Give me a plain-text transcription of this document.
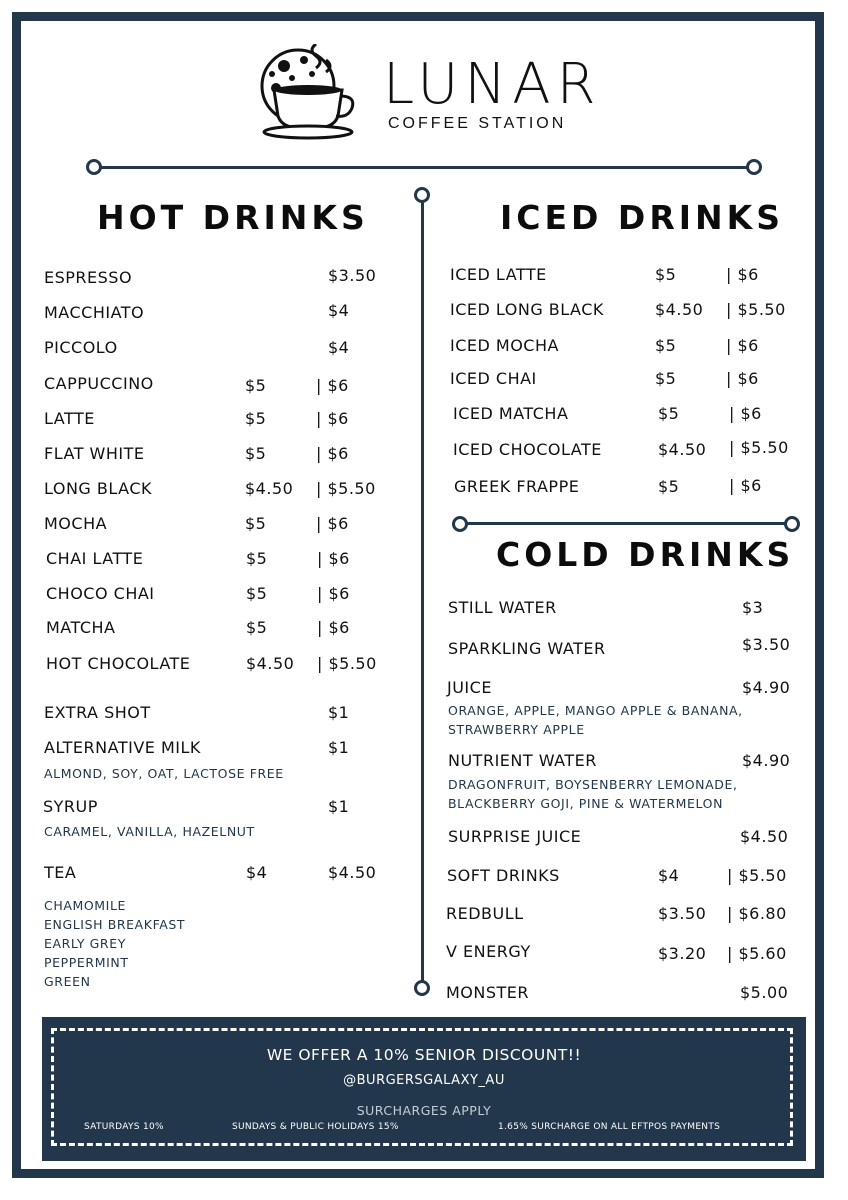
LUNAR
COFFEE STATION
HOT DRINKS
ESPRESSO	$3.50
MACCHIATO	$4
PICCOLO	$4
CAPPUCCINO	$5	| $6
LATTE	$5	| $6
FLAT WHITE	$5	| $6
LONG BLACK	$4.50 | $5.50
MOCHA	$5	| $6
CHAI LATTE	$5	| $6
CHOCO CHAI	$5	| $6
MATCHA	$5	| $6
HOT CHOCOLATE	$4.50 | $5.50
EXTRA SHOT	$1
ALTERNATIVE MILK	$1
ALMOND, SOY, OAT, LACTOSE FREE
SYRUP	$1
CARAMEL, VANILLA, HAZELNUT
TEA	$4	$4.50
CHAMOMILE
ENGLISH BREAKFAST
EARLY GREY
PEPPERMINT
GREEN
ICED DRINKS
ICED LATTE	$5	| $6
ICED LONG BLACK	$4.50 | $5.50
ICED MOCHA	$5	| $6
ICED CHAI	$5	| $6
ICED MATCHA	$5	| $6
ICED CHOCOLATE	$4.50 | $5.50
GREEK FRAPPE	$5	| $6
COLD DRINKS
STILL WATER	$3
SPARKLING WATER	$3.50
JUICE	$4.90
ORANGE, APPLE, MANGO APPLE & BANANA, STRAWBERRY APPLE
NUTRIENT WATER	$4.90
DRAGONFRUIT, BOYSENBERRY LEMONADE, BLACKBERRY GOJI, PINE & WATERMELON
SURPRISE JUICE	$4.50
SOFT DRINKS	$4	| $5.50
REDBULL	$3.50 | $6.80
V ENERGY	$3.20 | $5.60
MONSTER	$5.00
WE OFFER A 10% SENIOR DISCOUNT!!
@BURGERSGALAXY_AU
SURCHARGES APPLY
SATURDAYS 10%	SUNDAYS & PUBLIC HOLIDAYS 15%	1.65% SURCHARGE ON ALL EFTPOS PAYMENTS
